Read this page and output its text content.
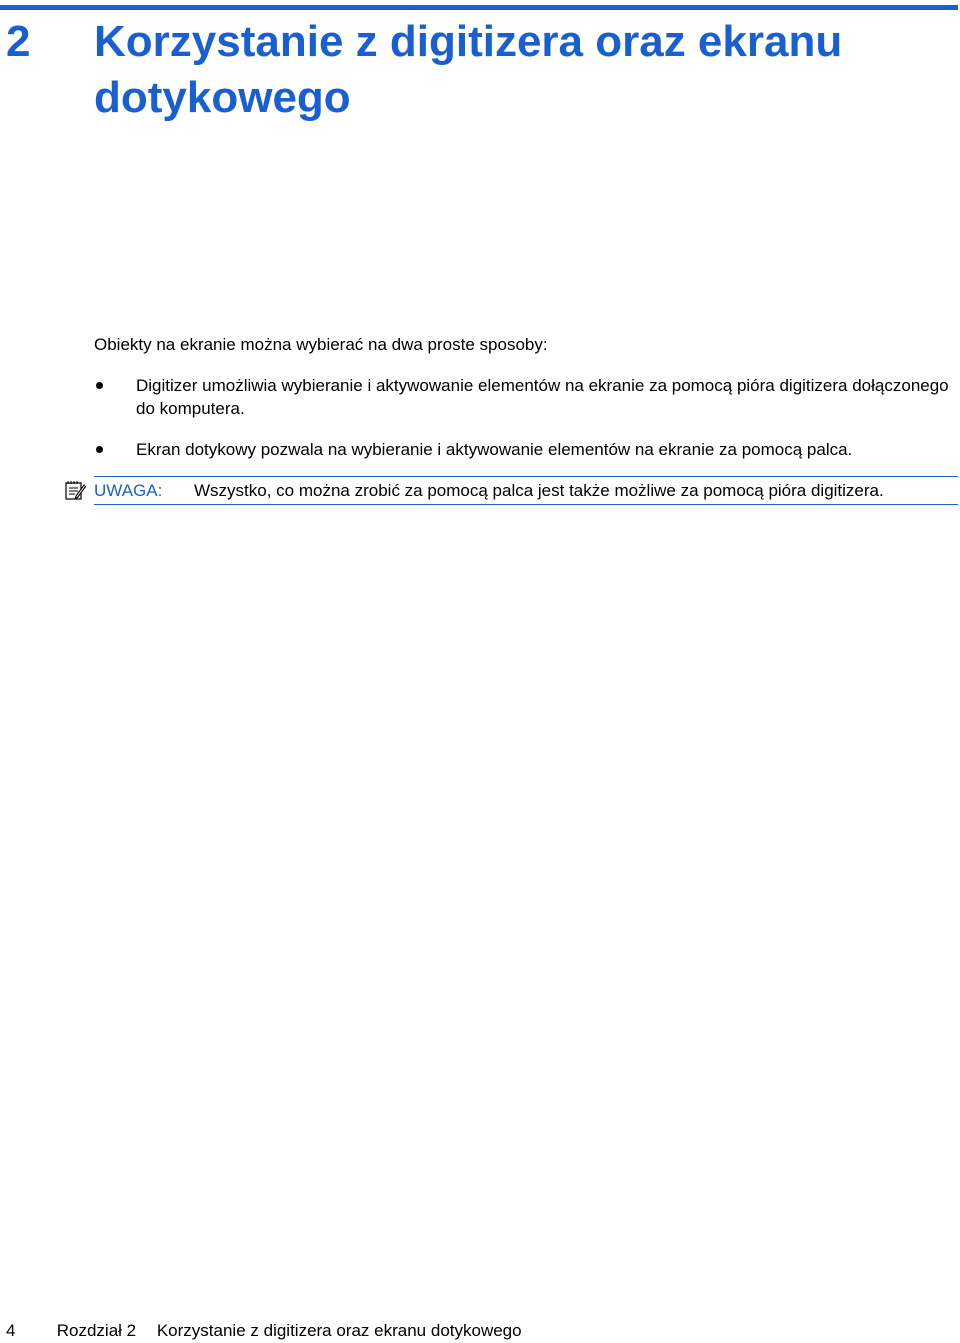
2 Korzystanie z digitizera oraz ekranu dotykowego
Obiekty na ekranie można wybierać na dwa proste sposoby:
Digitizer umożliwia wybieranie i aktywowanie elementów na ekranie za pomocą pióra digitizera dołączonego do komputera.
Ekran dotykowy pozwala na wybieranie i aktywowanie elementów na ekranie za pomocą palca.
UWAGA: Wszystko, co można zrobić za pomocą palca jest także możliwe za pomocą pióra digitizera.
4 Rozdział 2 Korzystanie z digitizera oraz ekranu dotykowego
